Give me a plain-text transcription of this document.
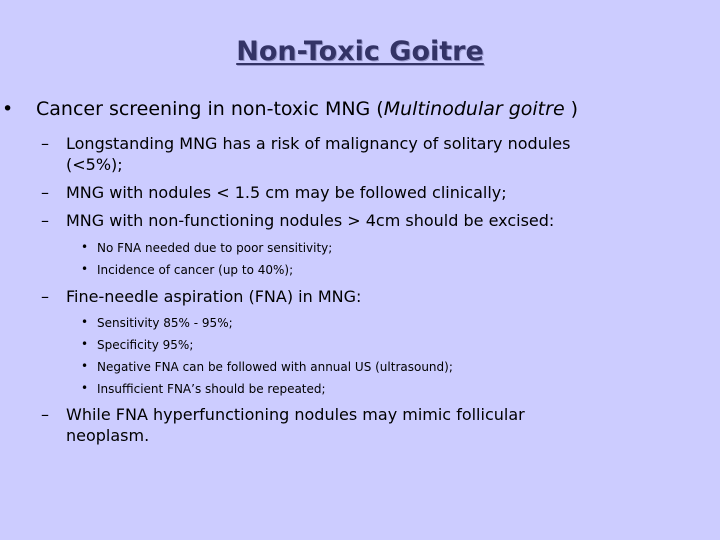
Non-Toxic Goitre
• Cancer screening in non-toxic MNG (Multinodular goitre )
– Longstanding MNG has a risk of malignancy of solitary nodules
(<5%);
– MNG with nodules < 1.5 cm may be followed clinically;
– MNG with non-functioning nodules > 4cm should be excised:
• No FNA needed due to poor sensitivity;
• Incidence of cancer (up to 40%);
– Fine-needle aspiration (FNA) in MNG:
• Sensitivity 85% - 95%;
• Specificity 95%;
• Negative FNA can be followed with annual US (ultrasound);
• Insufficient FNA’s should be repeated;
– While FNA hyperfunctioning nodules may mimic follicular
neoplasm.
